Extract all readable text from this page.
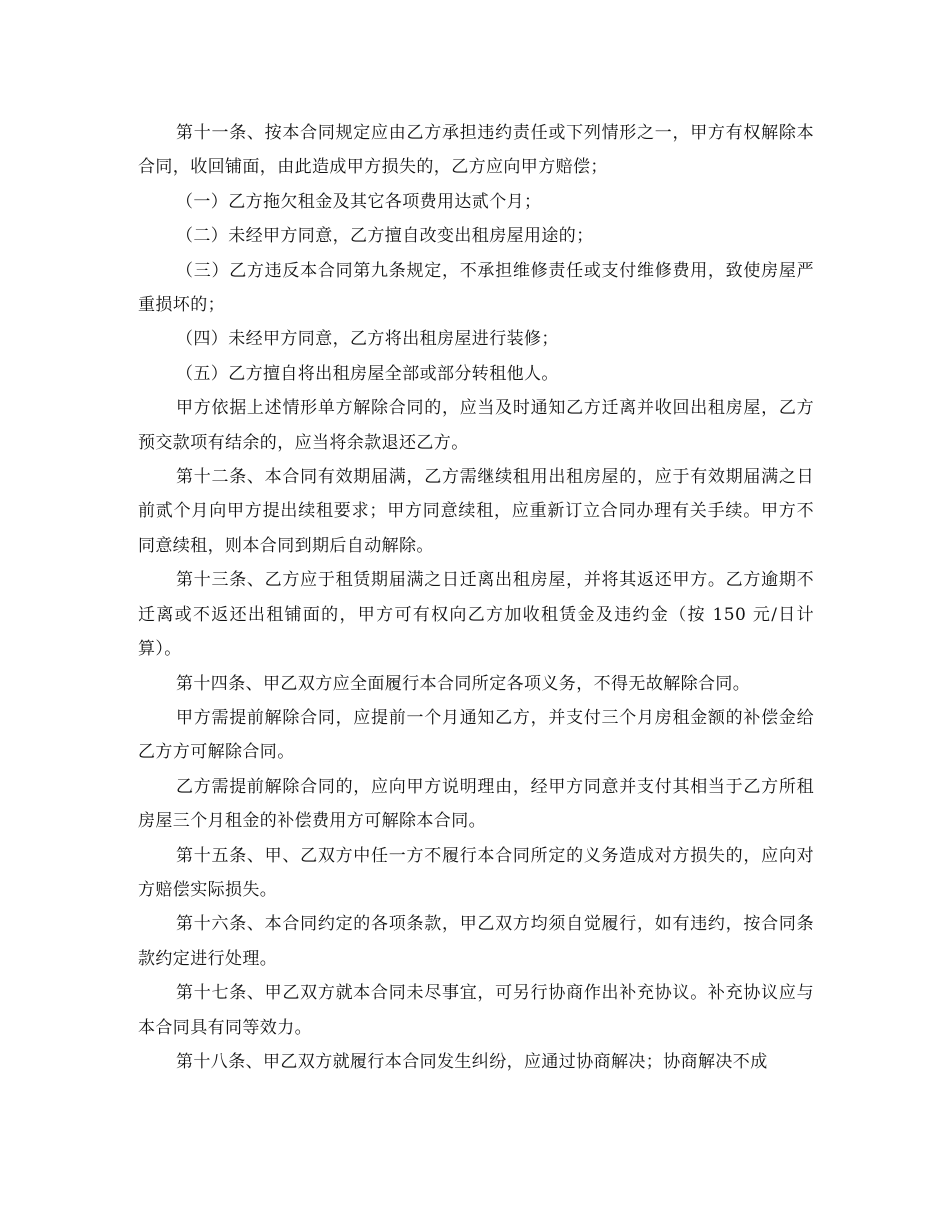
第十一条、按本合同规定应由乙方承担违约责任或下列情形之一，甲方有权解除本合同，收回铺面，由此造成甲方损失的，乙方应向甲方赔偿；

（一）乙方拖欠租金及其它各项费用达贰个月；

（二）未经甲方同意，乙方擅自改变出租房屋用途的；

（三）乙方违反本合同第九条规定，不承担维修责任或支付维修费用，致使房屋严重损坏的；

（四）未经甲方同意，乙方将出租房屋进行装修；

（五）乙方擅自将出租房屋全部或部分转租他人。

甲方依据上述情形单方解除合同的，应当及时通知乙方迁离并收回出租房屋，乙方预交款项有结余的，应当将余款退还乙方。

第十二条、本合同有效期届满，乙方需继续租用出租房屋的，应于有效期届满之日前贰个月向甲方提出续租要求；甲方同意续租，应重新订立合同办理有关手续。甲方不同意续租，则本合同到期后自动解除。

第十三条、乙方应于租赁期届满之日迁离出租房屋，并将其返还甲方。乙方逾期不迁离或不返还出租铺面的，甲方可有权向乙方加收租赁金及违约金（按 150 元/日计算）。

第十四条、甲乙双方应全面履行本合同所定各项义务，不得无故解除合同。

甲方需提前解除合同，应提前一个月通知乙方，并支付三个月房租金额的补偿金给乙方方可解除合同。

乙方需提前解除合同的，应向甲方说明理由，经甲方同意并支付其相当于乙方所租房屋三个月租金的补偿费用方可解除本合同。

第十五条、甲、乙双方中任一方不履行本合同所定的义务造成对方损失的，应向对方赔偿实际损失。

第十六条、本合同约定的各项条款，甲乙双方均须自觉履行，如有违约，按合同条款约定进行处理。

第十七条、甲乙双方就本合同未尽事宜，可另行协商作出补充协议。补充协议应与本合同具有同等效力。

第十八条、甲乙双方就履行本合同发生纠纷，应通过协商解决；协商解决不成
